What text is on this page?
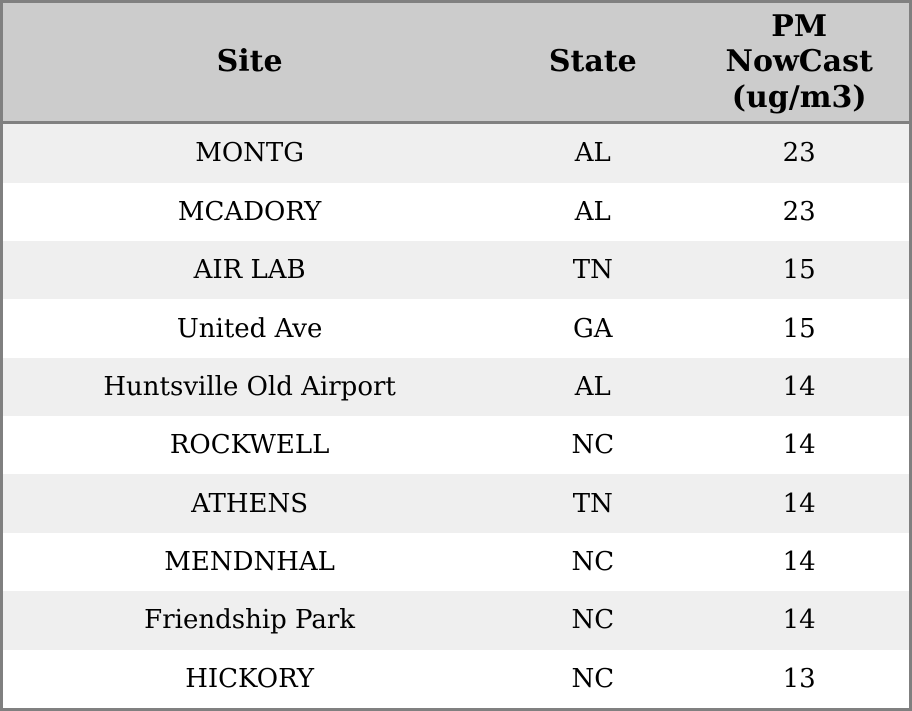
Site	State	PM
NowCast
(ug/m3)

MONTG	AL	23
MCADORY	AL	23
AIR LAB	TN	15
United Ave	GA	15
Huntsville Old Airport	AL	14
ROCKWELL	NC	14
ATHENS	TN	14
MENDNHAL	NC	14
Friendship Park	NC	14
HICKORY	NC	13
